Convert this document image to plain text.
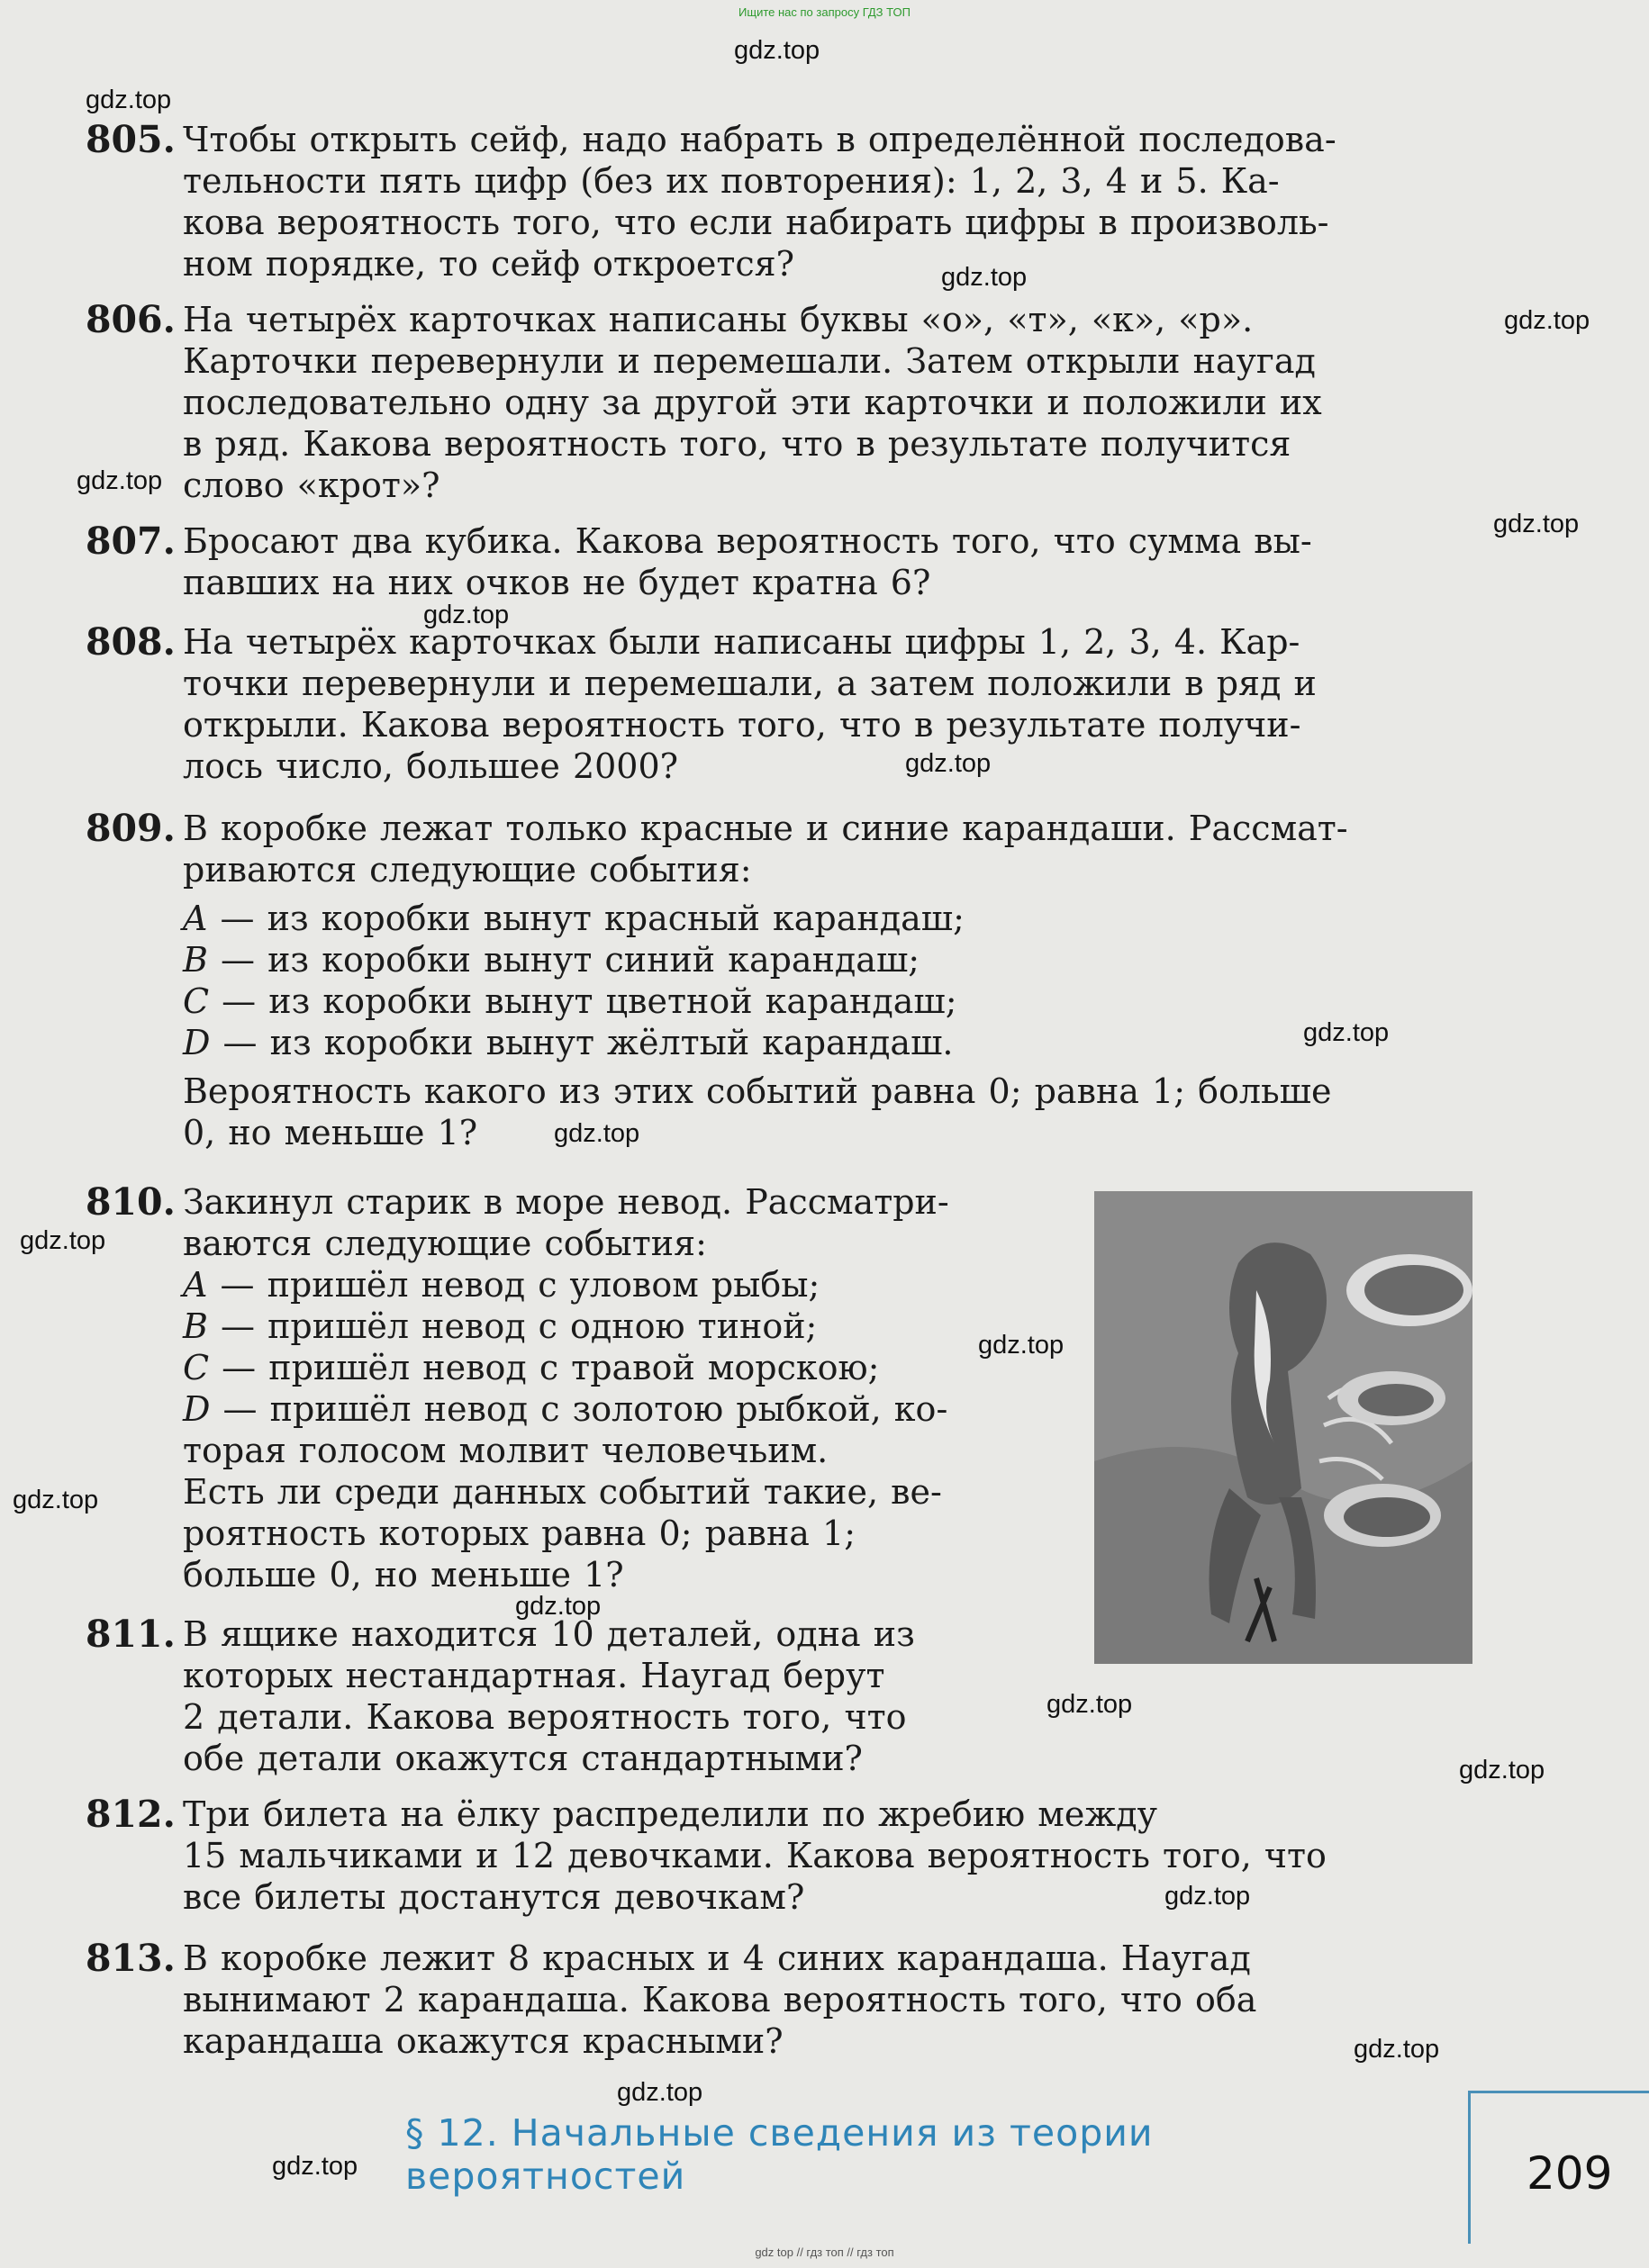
Ищите нас по запросу ГДЗ ТОП
gdz.top
gdz.top
gdz.top
gdz.top
gdz.top
gdz.top
gdz.top
gdz.top
gdz.top
gdz.top
gdz.top
gdz.top
gdz.top
gdz.top
gdz.top
gdz.top
gdz.top
gdz.top
gdz.top
gdz.top
805. Чтобы открыть сейф, надо набрать в определённой последова-
тельности пять цифр (без их повторения): 1, 2, 3, 4 и 5. Ка-
кова вероятность того, что если набирать цифры в произволь-
ном порядке, то сейф откроется?
806. На четырёх карточках написаны буквы «о», «т», «к», «р».
Карточки перевернули и перемешали. Затем открыли наугад
последовательно одну за другой эти карточки и положили их
в ряд. Какова вероятность того, что в результате получится
слово «крот»?
807. Бросают два кубика. Какова вероятность того, что сумма вы-
павших на них очков не будет кратна 6?
808. На четырёх карточках были написаны цифры 1, 2, 3, 4. Кар-
точки перевернули и перемешали, а затем положили в ряд и
открыли. Какова вероятность того, что в результате получи-
лось число, большее 2000?
809. В коробке лежат только красные и синие карандаши. Рассмат-
риваются следующие события:
A — из коробки вынут красный карандаш;
B — из коробки вынут синий карандаш;
C — из коробки вынут цветной карандаш;
D — из коробки вынут жёлтый карандаш.
Вероятность какого из этих событий равна 0; равна 1; больше
0, но меньше 1?
810. Закинул старик в море невод. Рассматри-
ваются следующие события:
A — пришёл невод с уловом рыбы;
B — пришёл невод с одною тиной;
C — пришёл невод с травой морскою;
D — пришёл невод с золотою рыбкой, ко-
торая голосом молвит человечьим.
Есть ли среди данных событий такие, ве-
роятность которых равна 0; равна 1;
больше 0, но меньше 1?
811. В ящике находится 10 деталей, одна из
которых нестандартная. Наугад берут
2 детали. Какова вероятность того, что
обе детали окажутся стандартными?
812. Три билета на ёлку распределили по жребию между
15 мальчиками и 12 девочками. Какова вероятность того, что
все билеты достанутся девочкам?
813. В коробке лежит 8 красных и 4 синих карандаша. Наугад
вынимают 2 карандаша. Какова вероятность того, что оба
карандаша окажутся красными?
§ 12. Начальные сведения из теории вероятностей	209
gdz top // гдз топ // гдз топ
